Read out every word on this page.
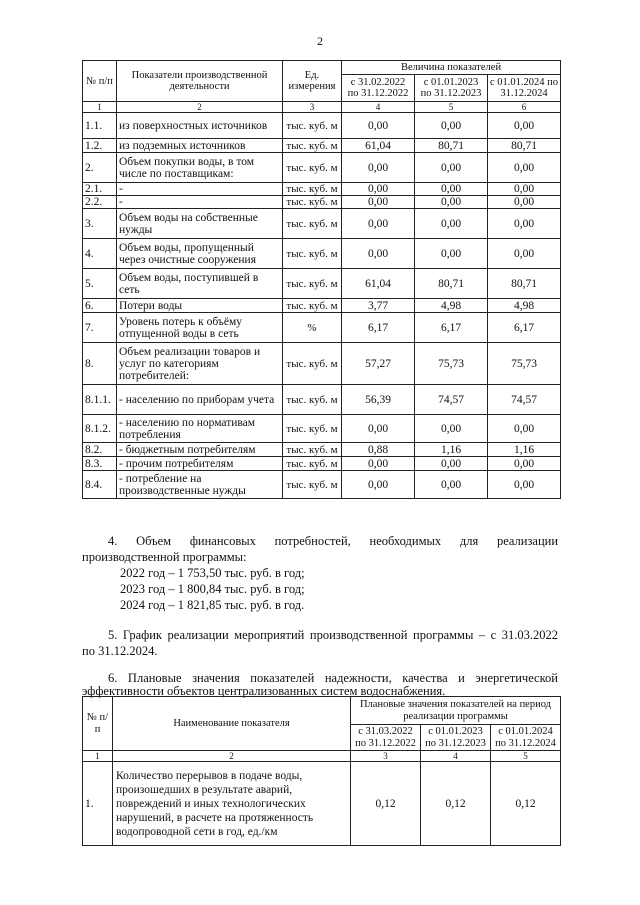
2
№ п/п	Показатели производственной деятельности	Ед. измерения	Величина показателей		
			с 31.02.2022 по 31.12.2022	с 01.01.2023 по 31.12.2023	с 01.01.2024 по 31.12.2024
1	2	3	4	5	6
1.1.	из поверхностных источников	тыс. куб. м	0,00	0,00	0,00
1.2.	из подземных источников	тыс. куб. м	61,04	80,71	80,71
2.	Объем покупки воды, в том числе по поставщикам:	тыс. куб. м	0,00	0,00	0,00
2.1.	-	тыс. куб. м	0,00	0,00	0,00
2.2.	-	тыс. куб. м	0,00	0,00	0,00
3.	Объем воды на собственные нужды	тыс. куб. м	0,00	0,00	0,00
4.	Объем воды, пропущенный через очистные сооружения	тыс. куб. м	0,00	0,00	0,00
5.	Объем воды, поступившей в сеть	тыс. куб. м	61,04	80,71	80,71
6.	Потери воды	тыс. куб. м	3,77	4,98	4,98
7.	Уровень потерь к объёму отпущенной воды в сеть	%	6,17	6,17	6,17
8.	Объем реализации товаров и услуг по категориям потребителей:	тыс. куб. м	57,27	75,73	75,73
8.1.1.	- населению по приборам учета	тыс. куб. м	56,39	74,57	74,57
8.1.2.	- населению по нормативам потребления	тыс. куб. м	0,00	0,00	0,00
8.2.	- бюджетным потребителям	тыс. куб. м	0,88	1,16	1,16
8.3.	- прочим потребителям	тыс. куб. м	0,00	0,00	0,00
8.4.	- потребление на производственные нужды	тыс. куб. м	0,00	0,00	0,00
4. Объем финансовых потребностей, необходимых для реализации
производственной программы:
2022 год – 1 753,50 тыс. руб. в год;
2023 год – 1 800,84 тыс. руб. в год;
2024 год – 1 821,85 тыс. руб. в год.
5. График реализации мероприятий производственной программы – с 31.03.2022
по 31.12.2024.
6. Плановые значения показателей надежности, качества и энергетической
эффективности объектов централизованных систем водоснабжения.
№ п/п	Наименование показателя	Плановые значения показателей на период реализации программы		
		с 31.03.2022 по 31.12.2022	с 01.01.2023 по 31.12.2023	с 01.01.2024 по 31.12.2024
1	2	3	4	5
1.	Количество перерывов в подаче воды, произошедших в результате аварий, повреждений и иных технологических нарушений, в расчете на протяженность водопроводной сети в год, ед./км	0,12	0,12	0,12
